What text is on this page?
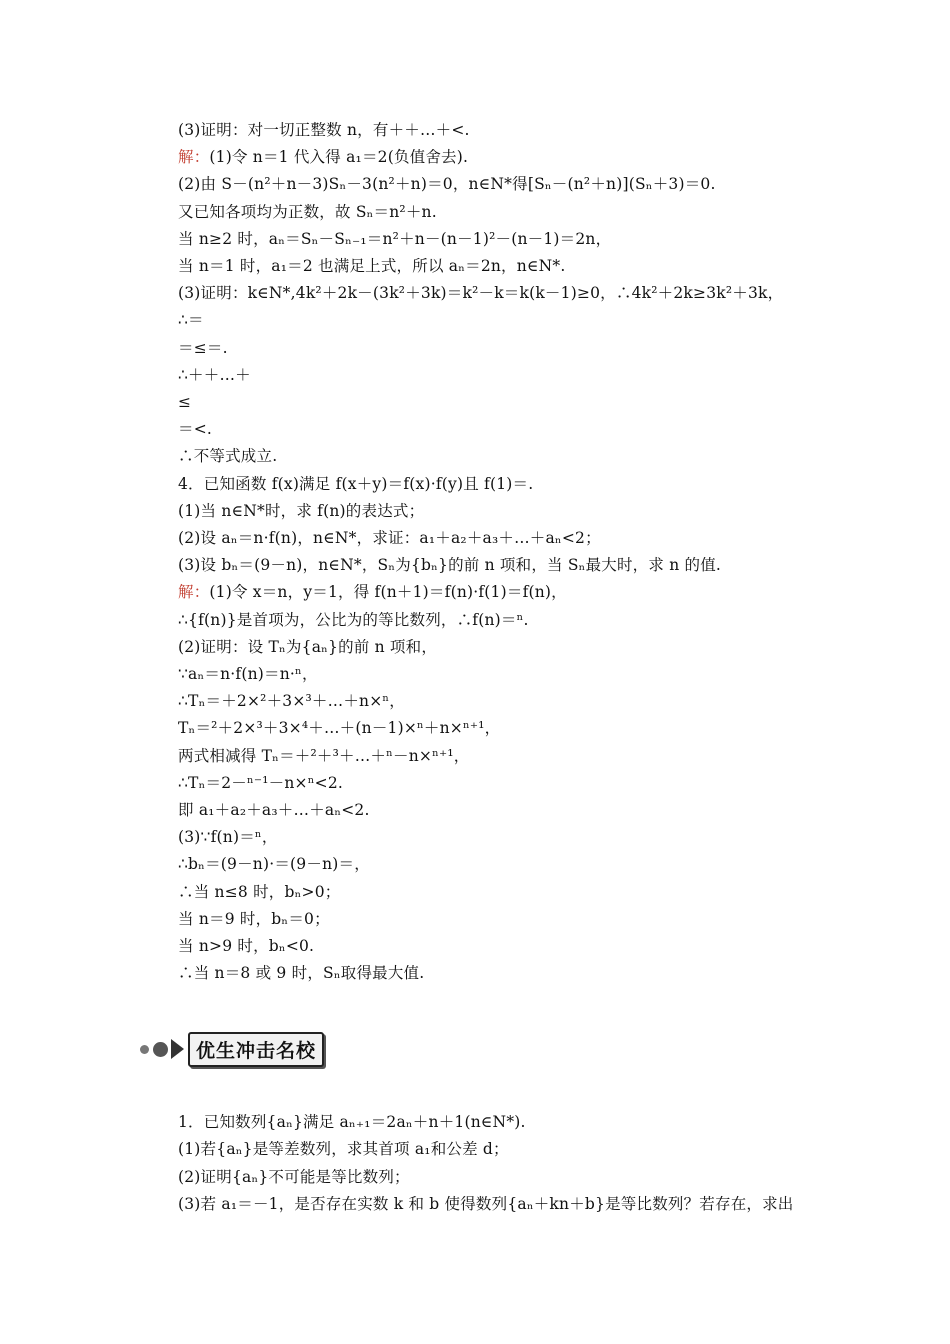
(3)证明：对一切正整数 n，有＋＋…＋<.
解：(1)令 n＝1 代入得 a₁＝2(负值舍去).
(2)由 S－(n²＋n－3)Sₙ－3(n²＋n)＝0，n∈N*得[Sₙ－(n²＋n)](Sₙ＋3)＝0.
又已知各项均为正数，故 Sₙ＝n²＋n.
当 n≥2 时，aₙ＝Sₙ－Sₙ₋₁＝n²＋n－(n－1)²－(n－1)＝2n，
当 n＝1 时，a₁＝2 也满足上式，所以 aₙ＝2n，n∈N*.
(3)证明：k∈N*,4k²＋2k－(3k²＋3k)＝k²－k＝k(k－1)≥0，∴4k²＋2k≥3k²＋3k，
∴＝
＝≤＝.
∴＋＋…＋
≤
＝<.
∴不等式成立.
4．已知函数 f(x)满足 f(x＋y)＝f(x)·f(y)且 f(1)＝.
(1)当 n∈N*时，求 f(n)的表达式；
(2)设 aₙ＝n·f(n)，n∈N*，求证：a₁＋a₂＋a₃＋…＋aₙ<2；
(3)设 bₙ＝(9－n)，n∈N*，Sₙ为{bₙ}的前 n 项和，当 Sₙ最大时，求 n 的值.
解：(1)令 x＝n，y＝1，得 f(n＋1)＝f(n)·f(1)＝f(n)，
∴{f(n)}是首项为，公比为的等比数列，∴f(n)＝ⁿ.
(2)证明：设 Tₙ为{aₙ}的前 n 项和，
∵aₙ＝n·f(n)＝n·ⁿ，
∴Tₙ＝＋2×²＋3×³＋…＋n×ⁿ，
Tₙ＝²＋2×³＋3×⁴＋…＋(n－1)×ⁿ＋n×ⁿ⁺¹，
两式相减得 Tₙ＝＋²＋³＋…＋ⁿ－n×ⁿ⁺¹，
∴Tₙ＝2－ⁿ⁻¹－n×ⁿ<2.
即 a₁＋a₂＋a₃＋…＋aₙ<2.
(3)∵f(n)＝ⁿ，
∴bₙ＝(9－n)·＝(9－n)＝，
∴当 n≤8 时，bₙ>0；
当 n＝9 时，bₙ＝0；
当 n>9 时，bₙ<0.
∴当 n＝8 或 9 时，Sₙ取得最大值.
优生冲击名校
1．已知数列{aₙ}满足 aₙ₊₁＝2aₙ＋n＋1(n∈N*).
(1)若{aₙ}是等差数列，求其首项 a₁和公差 d；
(2)证明{aₙ}不可能是等比数列；
(3)若 a₁＝－1，是否存在实数 k 和 b 使得数列{aₙ＋kn＋b}是等比数列？若存在，求出
